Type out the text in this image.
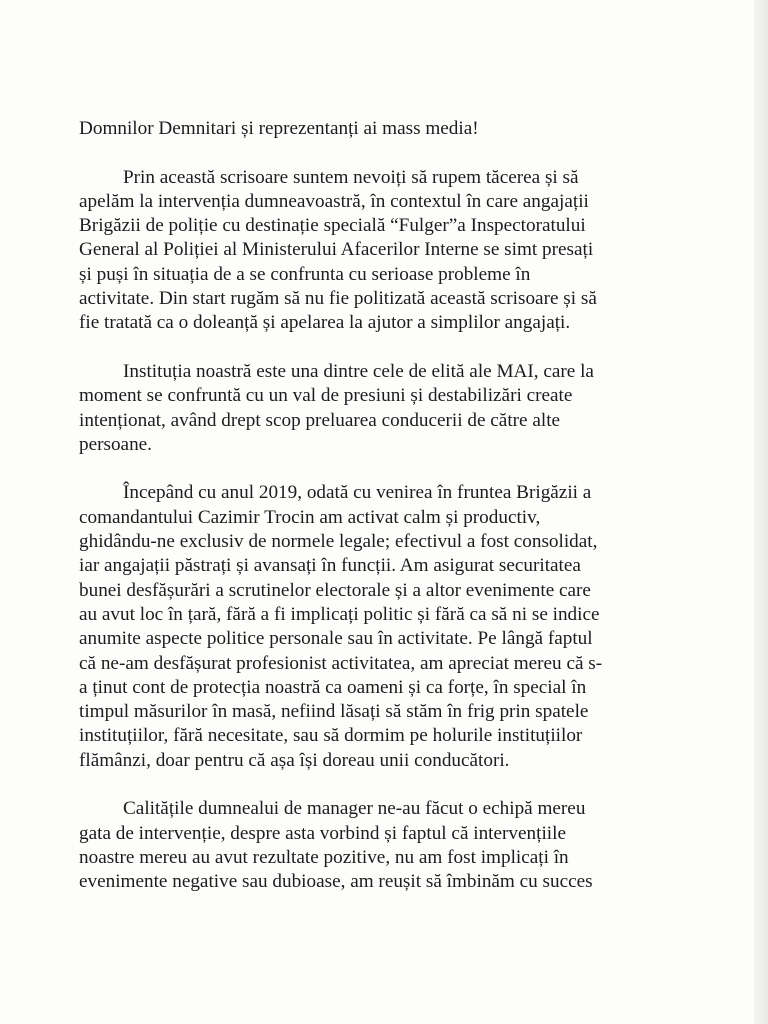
Domnilor Demnitari și reprezentanți ai mass media!
Prin această scrisoare suntem nevoiți să rupem tăcerea și să
apelăm la intervenția dumneavoastră, în contextul în care angajații
Brigăzii de poliție cu destinație specială “Fulger”a Inspectoratului
General al Poliției al Ministerului Afacerilor Interne se simt presați
și puși în situația de a se confrunta cu serioase probleme în
activitate. Din start rugăm să nu fie politizată această scrisoare și să
fie tratată ca o doleanță și apelarea la ajutor a simplilor angajați.
Instituția noastră este una dintre cele de elită ale MAI, care la
moment se confruntă cu un val de presiuni și destabilizări create
intenționat, având drept scop preluarea conducerii de către alte
persoane.
Începând cu anul 2019, odată cu venirea în fruntea Brigăzii a
comandantului Cazimir Trocin am activat calm și productiv,
ghidându-ne exclusiv de normele legale; efectivul a fost consolidat,
iar angajații păstrați și avansați în funcții. Am asigurat securitatea
bunei desfășurări a scrutinelor electorale și a altor evenimente care
au avut loc în țară, fără a fi implicați politic și fără ca să ni se indice
anumite aspecte politice personale sau în activitate. Pe lângă faptul
că ne-am desfășurat profesionist activitatea, am apreciat mereu că s-
a ținut cont de protecția noastră ca oameni și ca forțe, în special în
timpul măsurilor în masă, nefiind lăsați să stăm în frig prin spatele
instituțiilor, fără necesitate, sau să dormim pe holurile instituțiilor
flămânzi, doar pentru că așa își doreau unii conducători.
Calitățile dumnealui de manager ne-au făcut o echipă mereu
gata de intervenție, despre asta vorbind și faptul că intervențiile
noastre mereu au avut rezultate pozitive, nu am fost implicați în
evenimente negative sau dubioase, am reușit să îmbinăm cu succes
